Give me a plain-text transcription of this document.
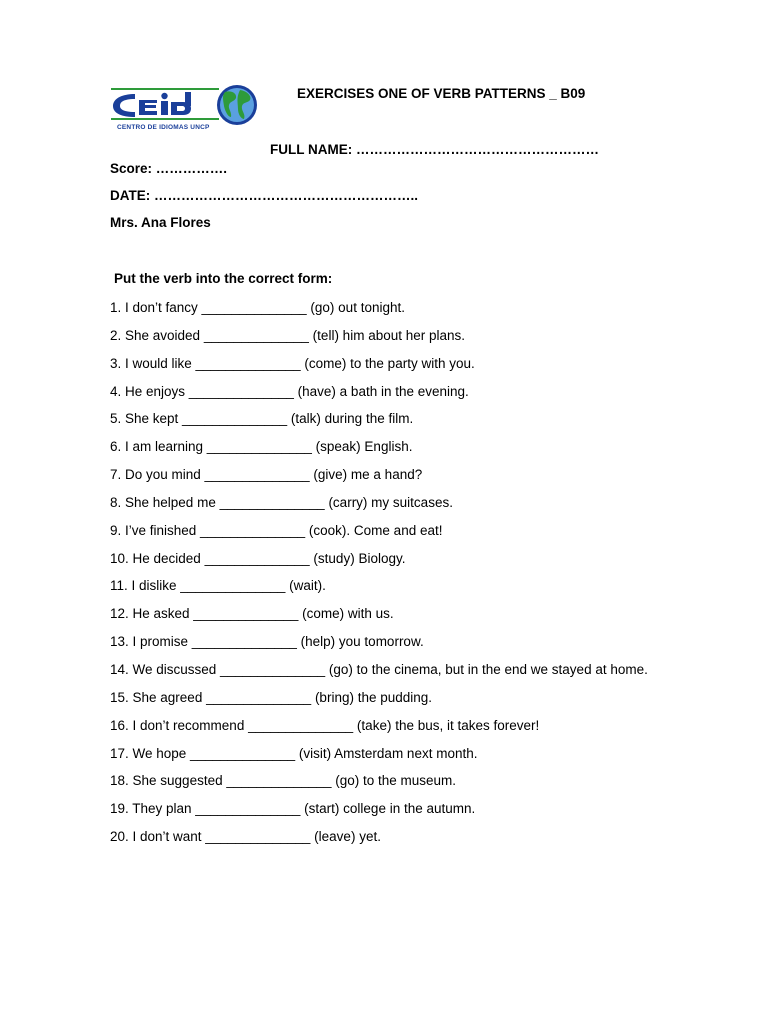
CENTRO DE IDIOMAS UNCP
EXERCISES ONE OF VERB PATTERNS _ B09
FULL NAME: ………………………………………………
Score: …………….
DATE: …………………………………………………..
Mrs. Ana Flores
Put the verb into the correct form:
1. I don’t fancy ______________ (go) out tonight.
2. She avoided ______________ (tell) him about her plans.
3. I would like ______________ (come) to the party with you.
4. He enjoys ______________ (have) a bath in the evening.
5. She kept ______________ (talk) during the film.
6. I am learning ______________ (speak) English.
7. Do you mind ______________ (give) me a hand?
8. She helped me ______________ (carry) my suitcases.
9. I’ve finished ______________ (cook). Come and eat!
10. He decided ______________ (study) Biology.
11. I dislike ______________ (wait).
12. He asked ______________ (come) with us.
13. I promise ______________ (help) you tomorrow.
14. We discussed ______________ (go) to the cinema, but in the end we stayed at home.
15. She agreed ______________ (bring) the pudding.
16. I don’t recommend ______________ (take) the bus, it takes forever!
17. We hope ______________ (visit) Amsterdam next month.
18. She suggested ______________ (go) to the museum.
19. They plan ______________ (start) college in the autumn.
20. I don’t want ______________ (leave) yet.
